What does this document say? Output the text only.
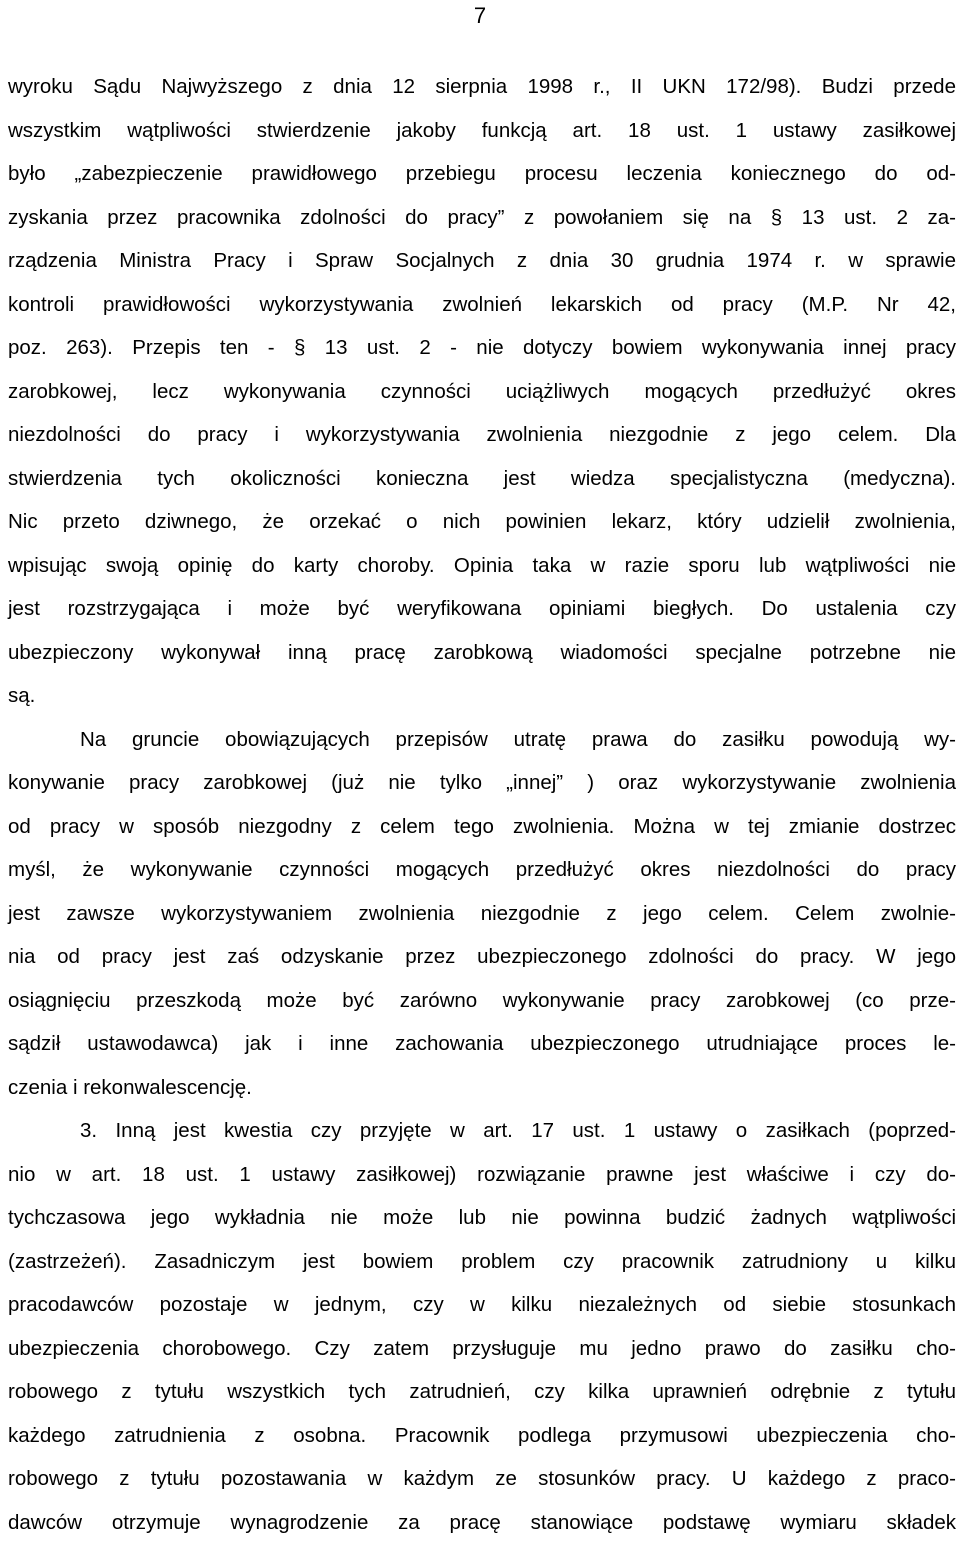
7
wyroku Sądu Najwyższego z dnia 12 sierpnia 1998 r., II UKN 172/98). Budzi przede
wszystkim wątpliwości stwierdzenie jakoby funkcją art. 18 ust. 1 ustawy zasiłkowej
było „zabezpieczenie prawidłowego przebiegu procesu leczenia koniecznego do od-
zyskania przez pracownika zdolności do pracy” z powołaniem się na § 13 ust. 2 za-
rządzenia Ministra Pracy i Spraw Socjalnych z dnia 30 grudnia 1974 r. w sprawie
kontroli prawidłowości wykorzystywania zwolnień lekarskich od pracy (M.P. Nr 42,
poz. 263). Przepis ten - § 13 ust. 2 - nie dotyczy bowiem wykonywania innej pracy
zarobkowej, lecz wykonywania czynności uciążliwych mogących przedłużyć okres
niezdolności do pracy i wykorzystywania zwolnienia niezgodnie z jego celem. Dla
stwierdzenia tych okoliczności konieczna jest wiedza specjalistyczna (medyczna).
Nic przeto dziwnego, że orzekać o nich powinien lekarz, który udzielił zwolnienia,
wpisując swoją opinię do karty choroby. Opinia taka w razie sporu lub wątpliwości nie
jest rozstrzygająca i może być weryfikowana opiniami biegłych. Do ustalenia czy
ubezpieczony wykonywał inną pracę zarobkową wiadomości specjalne potrzebne nie
są.
Na gruncie obowiązujących przepisów utratę prawa do zasiłku powodują wy-
konywanie pracy zarobkowej (już nie tylko „innej” ) oraz wykorzystywanie zwolnienia
od pracy w sposób niezgodny z celem tego zwolnienia. Można w tej zmianie dostrzec
myśl, że wykonywanie czynności mogących przedłużyć okres niezdolności do pracy
jest zawsze wykorzystywaniem zwolnienia niezgodnie z jego celem. Celem zwolnie-
nia od pracy jest zaś odzyskanie przez ubezpieczonego zdolności do pracy. W jego
osiągnięciu przeszkodą może być zarówno wykonywanie pracy zarobkowej (co prze-
sądził ustawodawca) jak i inne zachowania ubezpieczonego utrudniające proces le-
czenia i rekonwalescencję.
3. Inną jest kwestia czy przyjęte w art. 17 ust. 1 ustawy o zasiłkach (poprzed-
nio w art. 18 ust. 1 ustawy zasiłkowej) rozwiązanie prawne jest właściwe i czy do-
tychczasowa jego wykładnia nie może lub nie powinna budzić żadnych wątpliwości
(zastrzeżeń). Zasadniczym jest bowiem problem czy pracownik zatrudniony u kilku
pracodawców pozostaje w jednym, czy w kilku niezależnych od siebie stosunkach
ubezpieczenia chorobowego. Czy zatem przysługuje mu jedno prawo do zasiłku cho-
robowego z tytułu wszystkich tych zatrudnień, czy kilka uprawnień odrębnie z tytułu
każdego zatrudnienia z osobna. Pracownik podlega przymusowi ubezpieczenia cho-
robowego z tytułu pozostawania w każdym ze stosunków pracy. U każdego z praco-
dawców otrzymuje wynagrodzenie za pracę stanowiące podstawę wymiaru składek
